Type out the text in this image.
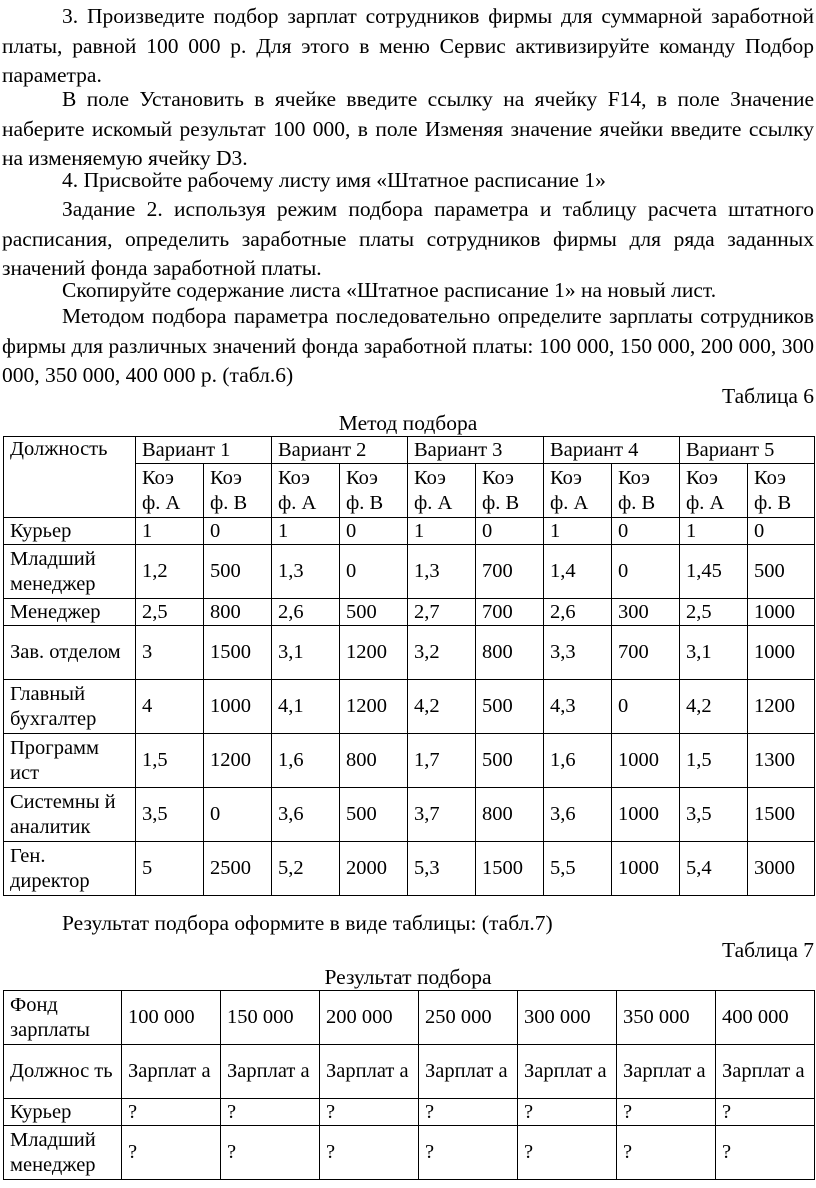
3. Произведите подбор зарплат сотрудников фирмы для суммарной заработной платы, равной 100 000 р. Для этого в меню Сервис активизируйте команду Подбор параметра.

В поле Установить в ячейке введите ссылку на ячейку F14, в поле Значение наберите искомый результат 100 000, в поле Изменяя значение ячейки введите ссылку на изменяемую ячейку D3.

4. Присвойте рабочему листу имя «Штатное расписание 1»

Задание 2. используя режим подбора параметра и таблицу расчета штатного расписания, определить заработные платы сотрудников фирмы для ряда заданных значений фонда заработной платы.

Скопируйте содержание листа «Штатное расписание 1» на новый лист.

Методом подбора параметра последовательно определите зарплаты сотрудников фирмы для различных значений фонда заработной платы: 100 000, 150 000, 200 000, 300 000, 350 000, 400 000 р. (табл.6)

Таблица 6
Метод подбора
Должность	Вариант 1		Вариант 2		Вариант 3		Вариант 4		Вариант 5	
	Коэ ф. А	Коэ ф. В	Коэ ф. А	Коэ ф. В	Коэ ф. А	Коэ ф. В	Коэ ф. А	Коэ ф. В	Коэ ф. А	Коэ ф. В
Курьер	1	0	1	0	1	0	1	0	1	0
Младший менеджер	1,2	500	1,3	0	1,3	700	1,4	0	1,45	500
Менеджер	2,5	800	2,6	500	2,7	700	2,6	300	2,5	1000
Зав. отделом	3	1500	3,1	1200	3,2	800	3,3	700	3,1	1000
Главный бухгалтер	4	1000	4,1	1200	4,2	500	4,3	0	4,2	1200
Программ ист	1,5	1200	1,6	800	1,7	500	1,6	1000	1,5	1300
Системны й аналитик	3,5	0	3,6	500	3,7	800	3,6	1000	3,5	1500
Ген. директор	5	2500	5,2	2000	5,3	1500	5,5	1000	5,4	3000

Результат подбора оформите в виде таблицы: (табл.7)

Таблица 7
Результат подбора
Фонд зарплаты	100 000	150 000	200 000	250 000	300 000	350 000	400 000
Должнос ть	Зарплат а	Зарплат а	Зарплат а	Зарплат а	Зарплат а	Зарплат а	Зарплат а
Курьер	?	?	?	?	?	?	?
Младший менеджер	?	?	?	?	?	?	?
